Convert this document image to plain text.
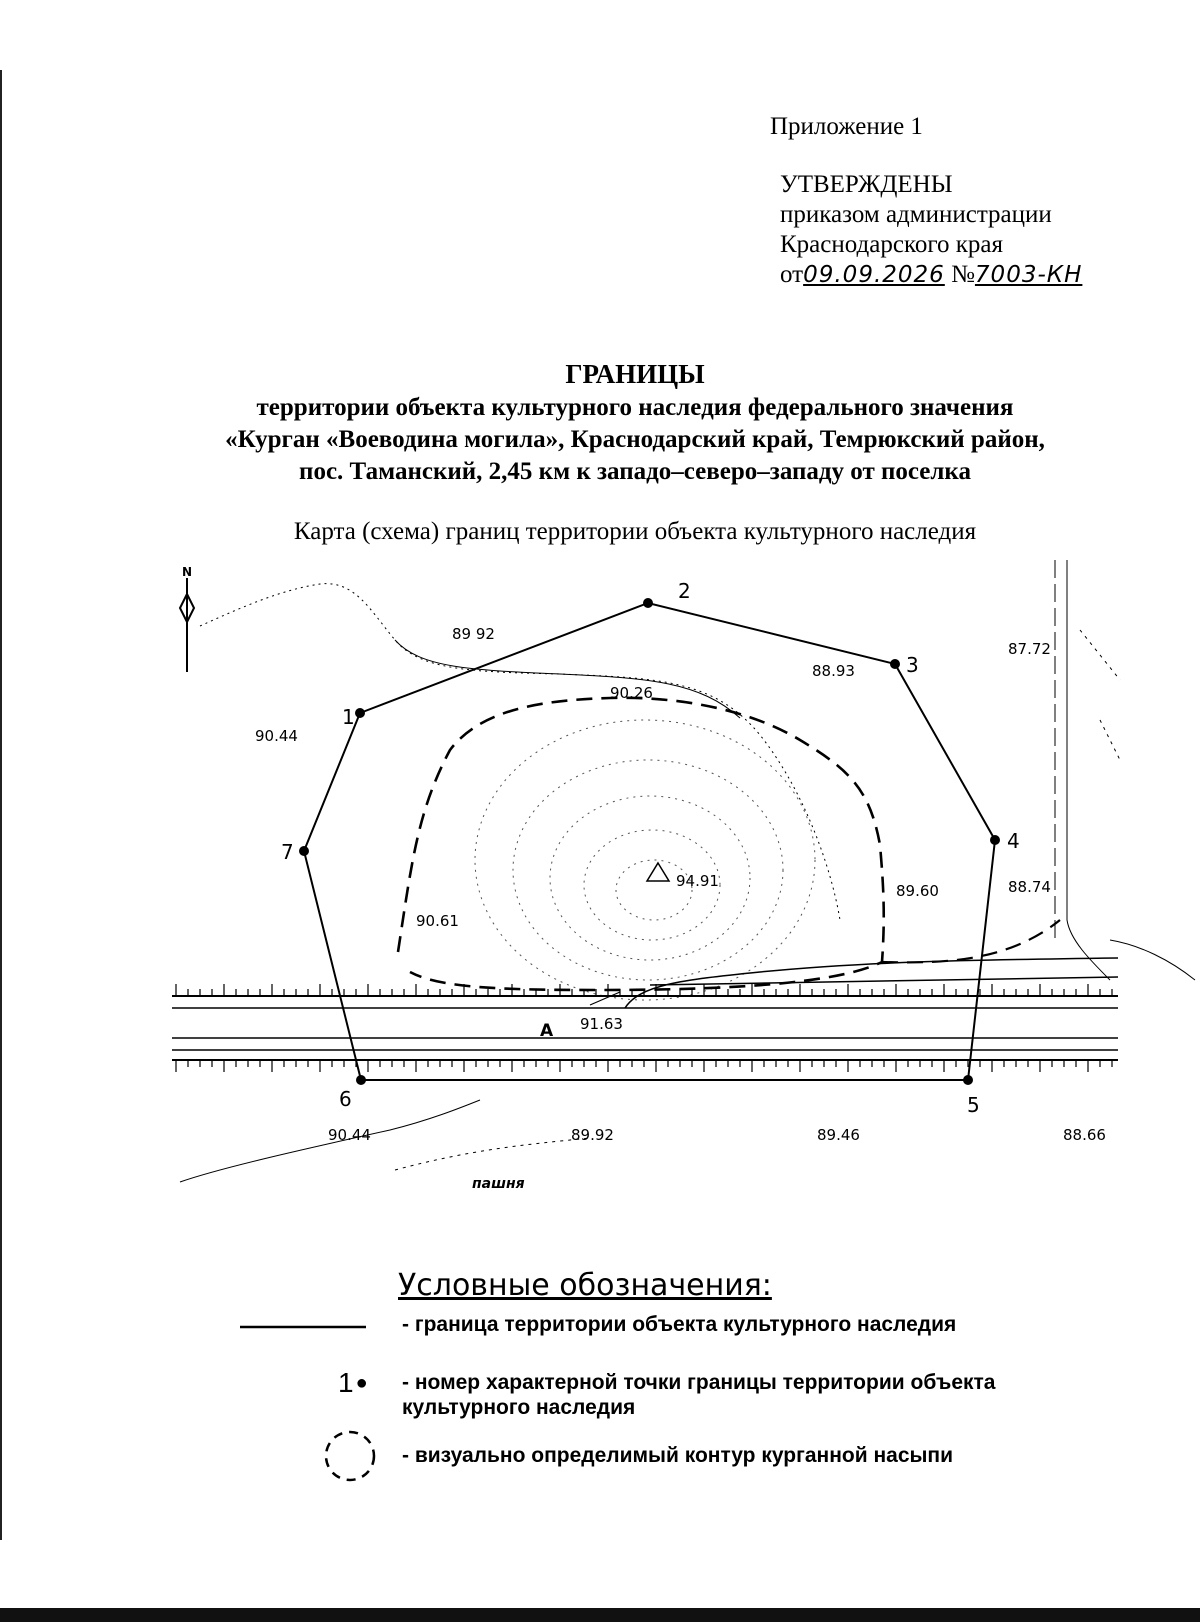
Приложение 1
УТВЕРЖДЕНЫ
приказом администрации
Краснодарского края
от09.09.2026 №7003-КН
ГРАНИЦЫ
территории объекта культурного наследия федерального значения
«Курган «Воеводина могила», Краснодарский край, Темрюкский район,
пос. Таманский, 2,45 км к западо–северо–западу от поселка
Карта (схема) границ территории объекта культурного наследия
N
1
2
3
4
5
6
7
89 92
88.93
87.72
90.26
90.44
94.91
89.60	88.74
90.61
91.63
90.44	89.92	89.46	88.66
А
пашня
Условные обозначения:
- граница территории объекта культурного наследия
1 ● - номер характерной точки границы территории объекта культурного наследия
- визуально определимый контур курганной насыпи
